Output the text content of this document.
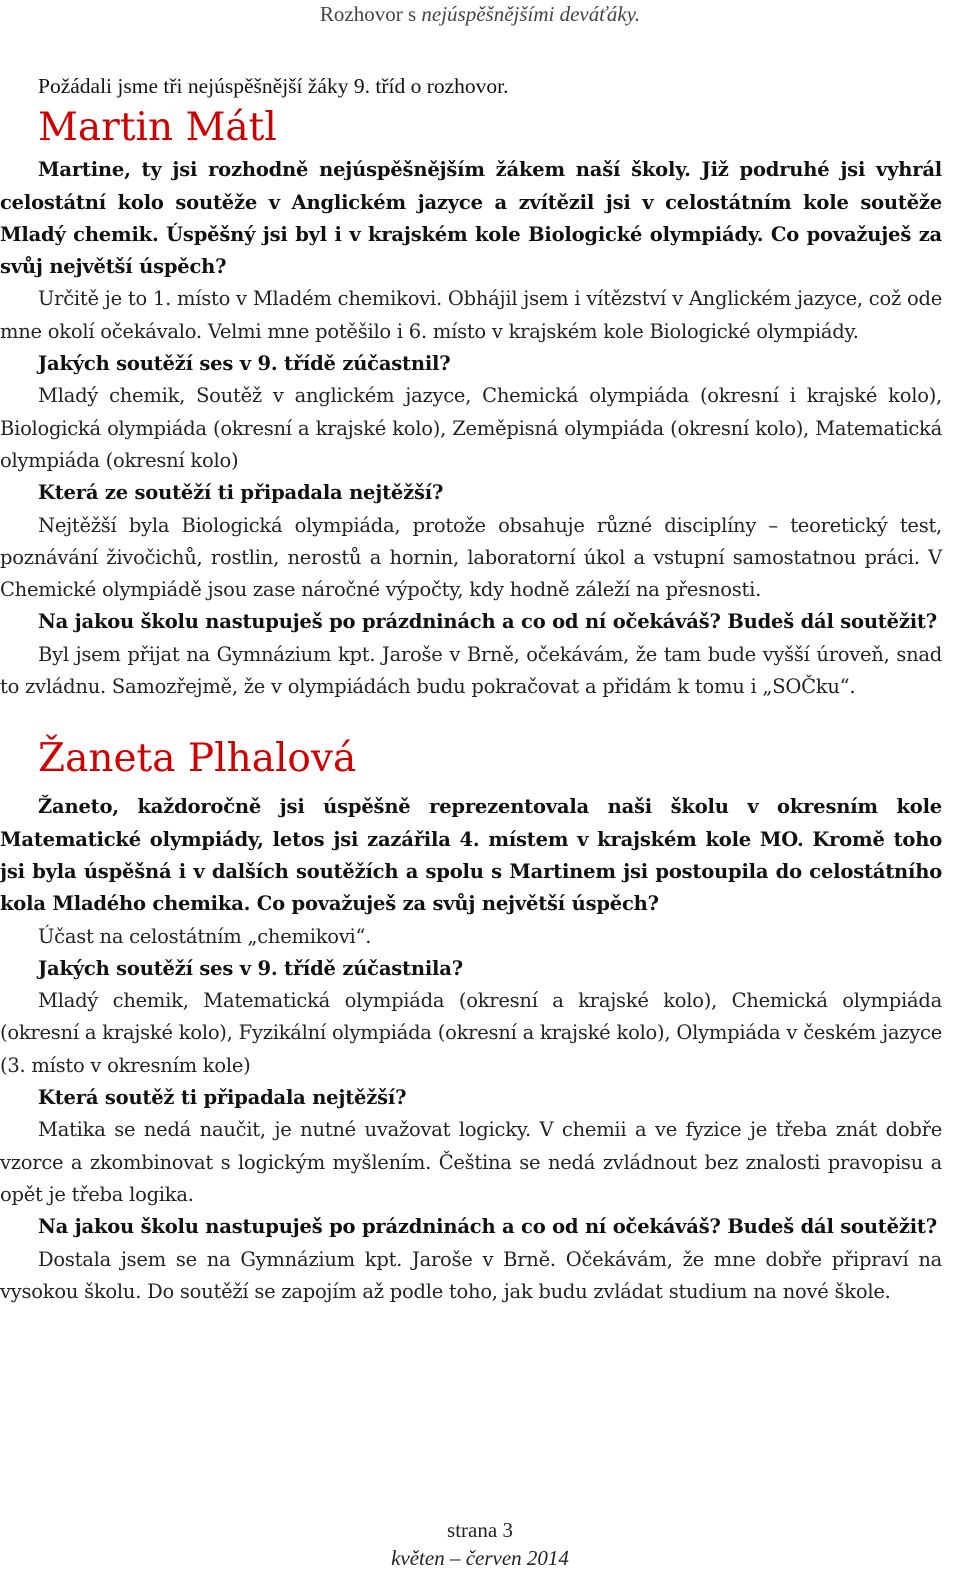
Rozhovor s nejúspěšnějšími deváťáky.
Požádali jsme tři nejúspěšnější žáky 9. tříd o rozhovor.
Martin Mátl

Martine, ty jsi rozhodně nejúspěšnějším žákem naší školy. Již podruhé jsi vyhrál celostátní kolo soutěže v Anglickém jazyce a zvítězil jsi v celostátním kole soutěže Mladý chemik. Úspěšný jsi byl i v krajském kole Biologické olympiády. Co považuješ za svůj největší úspěch?

Určitě je to 1. místo v Mladém chemikovi. Obhájil jsem i vítězství v Anglickém jazyce, což ode mne okolí očekávalo. Velmi mne potěšilo i 6. místo v krajském kole Biologické olympiády.

Jakých soutěží ses v 9. třídě zúčastnil?

Mladý chemik, Soutěž v anglickém jazyce, Chemická olympiáda (okresní i krajské kolo), Biologická olympiáda (okresní a krajské kolo), Zeměpisná olympiáda (okresní kolo), Matematická olympiáda (okresní kolo)

Která ze soutěží ti připadala nejtěžší?

Nejtěžší byla Biologická olympiáda, protože obsahuje různé disciplíny – teoretický test, poznávání živočichů, rostlin, nerostů a hornin, laboratorní úkol a vstupní samostatnou práci. V Chemické olympiádě jsou zase náročné výpočty, kdy hodně záleží na přesnosti.

Na jakou školu nastupuješ po prázdninách a co od ní očekáváš? Budeš dál soutěžit?

Byl jsem přijat na Gymnázium kpt. Jaroše v Brně, očekávám, že tam bude vyšší úroveň, snad to zvládnu. Samozřejmě, že v olympiádách budu pokračovat a přidám k tomu i „SOČku“.

Žaneta Plhalová

Žaneto, každoročně jsi úspěšně reprezentovala naši školu v okresním kole Matematické olympiády, letos jsi zazářila 4. místem v krajském kole MO. Kromě toho jsi byla úspěšná i v dalších soutěžích a spolu s Martinem jsi postoupila do celostátního kola Mladého chemika. Co považuješ za svůj největší úspěch?

Účast na celostátním „chemikovi“.

Jakých soutěží ses v 9. třídě zúčastnila?

Mladý chemik, Matematická olympiáda (okresní a krajské kolo), Chemická olympiáda (okresní a krajské kolo), Fyzikální olympiáda (okresní a krajské kolo), Olympiáda v českém jazyce (3. místo v okresním kole)

Která soutěž ti připadala nejtěžší?

Matika se nedá naučit, je nutné uvažovat logicky. V chemii a ve fyzice je třeba znát dobře vzorce a zkombinovat s logickým myšlením. Čeština se nedá zvládnout bez znalosti pravopisu a opět je třeba logika.

Na jakou školu nastupuješ po prázdninách a co od ní očekáváš? Budeš dál soutěžit?

Dostala jsem se na Gymnázium kpt. Jaroše v Brně. Očekávám, že mne dobře připraví na vysokou školu. Do soutěží se zapojím až podle toho, jak budu zvládat studium na nové škole.

strana 3
květen – červen 2014
